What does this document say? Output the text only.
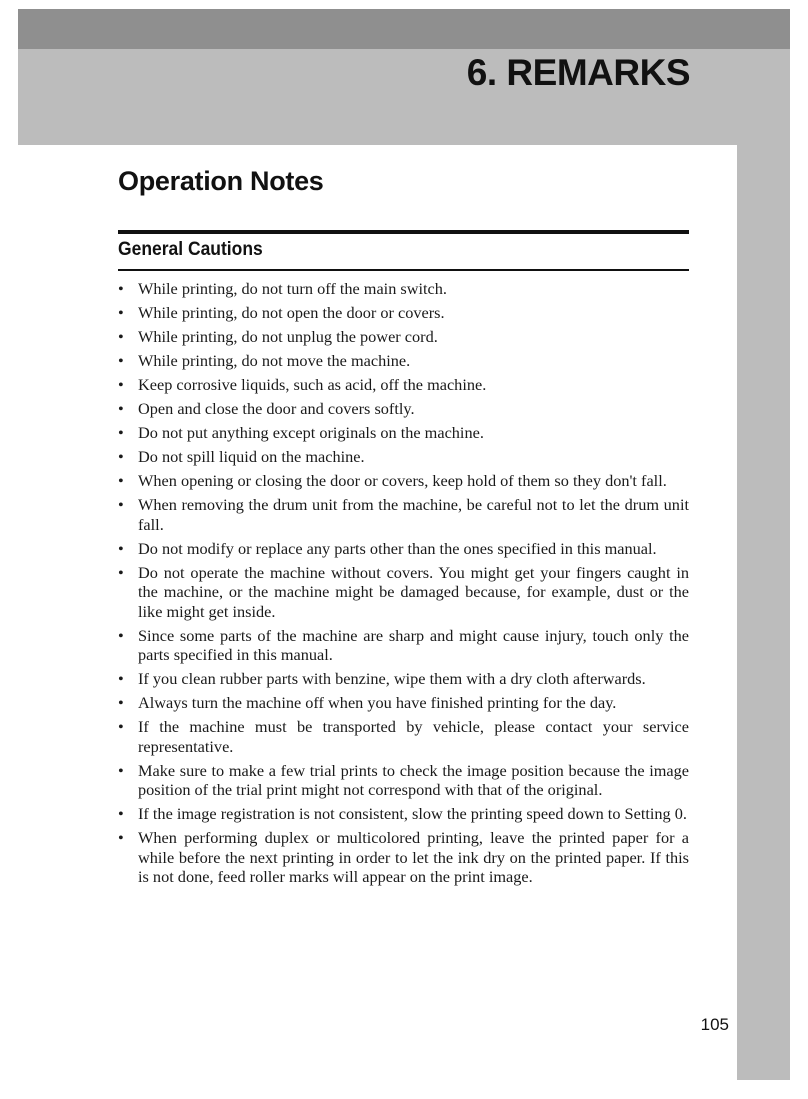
6. REMARKS
Operation Notes
General Cautions
• While printing, do not turn off the main switch.
• While printing, do not open the door or covers.
• While printing, do not unplug the power cord.
• While printing, do not move the machine.
• Keep corrosive liquids, such as acid, off the machine.
• Open and close the door and covers softly.
• Do not put anything except originals on the machine.
• Do not spill liquid on the machine.
• When opening or closing the door or covers, keep hold of them so they don't fall.
• When removing the drum unit from the machine, be careful not to let the drum unit fall.
• Do not modify or replace any parts other than the ones specified in this manual.
• Do not operate the machine without covers. You might get your fingers caught in the machine, or the machine might be damaged because, for example, dust or the like might get inside.
• Since some parts of the machine are sharp and might cause injury, touch only the parts specified in this manual.
• If you clean rubber parts with benzine, wipe them with a dry cloth afterwards.
• Always turn the machine off when you have finished printing for the day.
• If the machine must be transported by vehicle, please contact your service representative.
• Make sure to make a few trial prints to check the image position because the image position of the trial print might not correspond with that of the original.
• If the image registration is not consistent, slow the printing speed down to Setting 0.
• When performing duplex or multicolored printing, leave the printed paper for a while before the next printing in order to let the ink dry on the printed paper. If this is not done, feed roller marks will appear on the print image.
105
